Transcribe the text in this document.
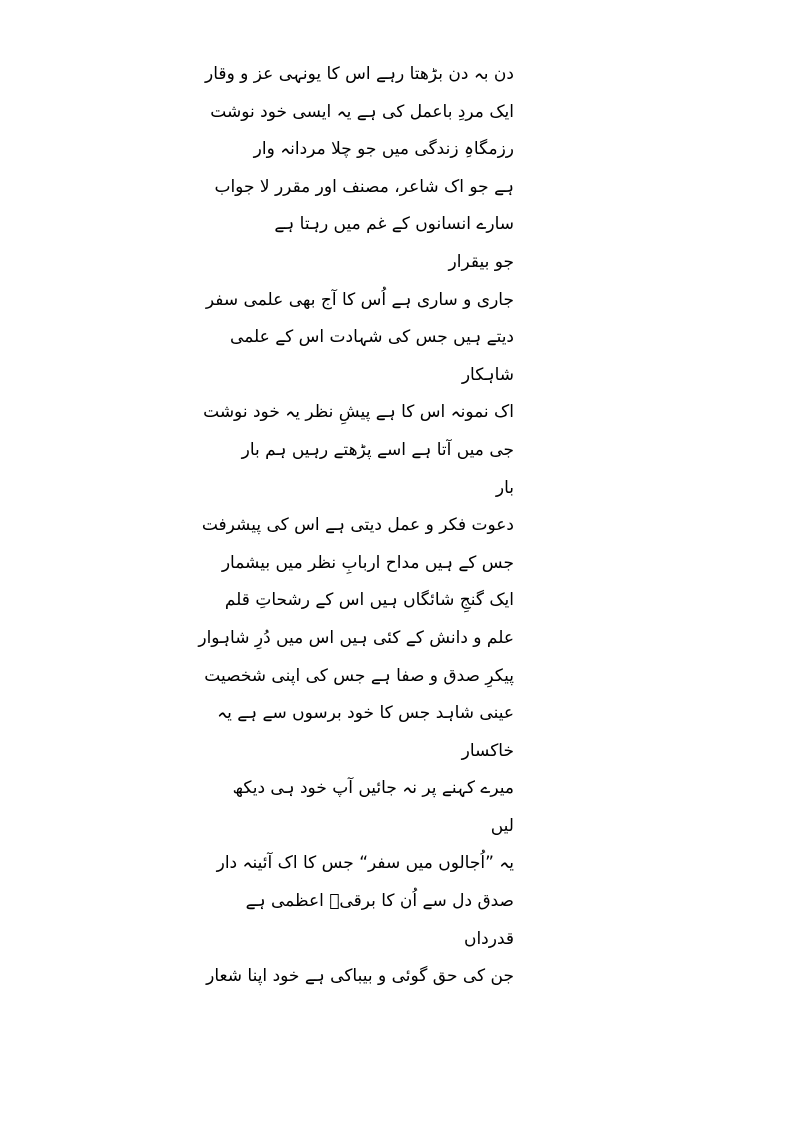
دن بہ دن بڑھتا رہے اس کا یونہی عز و وقار
ایک مردِ باعمل کی ہے یہ ایسی خود نوشت
رزمگاہِ زندگی میں جو چلا مردانہ وار
ہے جو اک شاعر، مصنف اور مقرر لا جواب
سارے انسانوں کے غم میں رہتا ہے
جو بیقرار
جاری و ساری ہے اُس کا آج بھی علمی سفر
دیتے ہیں جس کی شہادت اس کے علمی
شاہکار
اک نمونہ اس کا ہے پیشِ نظر یہ خود نوشت
جی میں آتا ہے اسے پڑھتے رہیں ہم بار
بار
دعوت فکر و عمل دیتی ہے اس کی پیشرفت
جس کے ہیں مداح اربابِ نظر میں بیشمار
ایک گنجِ شائگاں ہیں اس کے رشحاتِ قلم
علم و دانش کے کئی ہیں اس میں دُرِ شاہوار
پیکرِ صدق و صفا ہے جس کی اپنی شخصیت
عینی شاہد جس کا خود برسوں سے ہے یہ
خاکسار
میرے کہنے پر نہ جائیں آپ خود ہی دیکھ
لیں
یہ ”اُجالوں میں سفر“ جس کا اک آئینہ دار
صدق دل سے اُن کا برقیؔ اعظمی ہے
قدرداں
جن کی حق گوئی و بیباکی ہے خود اپنا شعار
